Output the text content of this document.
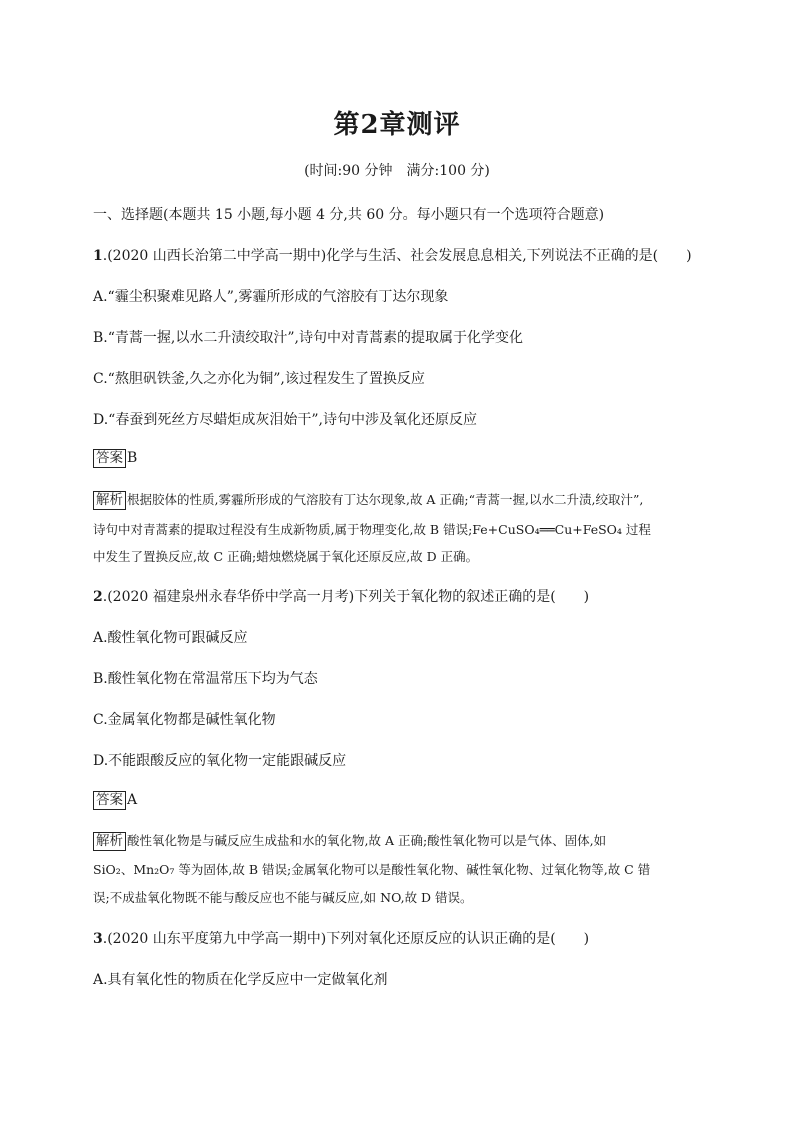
第2章测评
(时间:90 分钟　满分:100 分)
一、选择题(本题共 15 小题,每小题 4 分,共 60 分。每小题只有一个选项符合题意)
1.(2020 山西长治第二中学高一期中)化学与生活、社会发展息息相关,下列说法不正确的是(　　)
A.“霾尘积聚难见路人”,雾霾所形成的气溶胶有丁达尔现象
B.“青蒿一握,以水二升渍绞取汁”,诗句中对青蒿素的提取属于化学变化
C.“熬胆矾铁釜,久之亦化为铜”,该过程发生了置换反应
D.“春蚕到死丝方尽蜡炬成灰泪始干”,诗句中涉及氧化还原反应
答案 B
解析 根据胶体的性质,雾霾所形成的气溶胶有丁达尔现象,故 A 正确;“青蒿一握,以水二升渍,绞取汁”,
诗句中对青蒿素的提取过程没有生成新物质,属于物理变化,故 B 错误;Fe+CuSO₄══Cu+FeSO₄ 过程
中发生了置换反应,故 C 正确;蜡烛燃烧属于氧化还原反应,故 D 正确。
2.(2020 福建泉州永春华侨中学高一月考)下列关于氧化物的叙述正确的是(　　)
A.酸性氧化物可跟碱反应
B.酸性氧化物在常温常压下均为气态
C.金属氧化物都是碱性氧化物
D.不能跟酸反应的氧化物一定能跟碱反应
答案 A
解析 酸性氧化物是与碱反应生成盐和水的氧化物,故 A 正确;酸性氧化物可以是气体、固体,如
SiO₂、Mn₂O₇ 等为固体,故 B 错误;金属氧化物可以是酸性氧化物、碱性氧化物、过氧化物等,故 C 错
误;不成盐氧化物既不能与酸反应也不能与碱反应,如 NO,故 D 错误。
3.(2020 山东平度第九中学高一期中)下列对氧化还原反应的认识正确的是(　　)
A.具有氧化性的物质在化学反应中一定做氧化剂
